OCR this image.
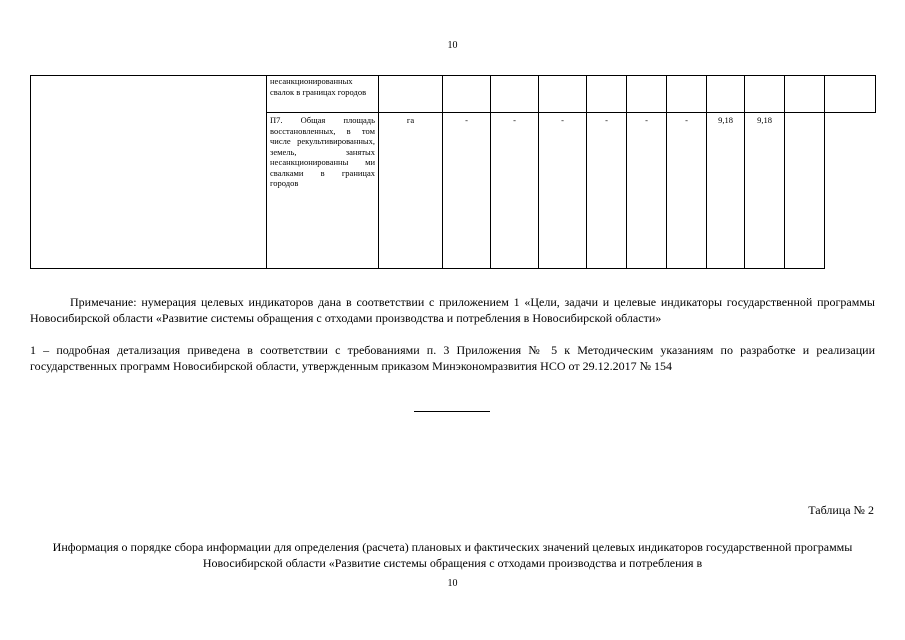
10
	несанкционированных свалок в границах городов											
	П7. Общая площадь восстановленных, в том числе рекультивированных, земель, занятых несанкционированны ми свалками в границах городов	га	-	-	-	-	-	-	9,18	9,18		
Примечание: нумерация целевых индикаторов дана в соответствии с приложением 1 «Цели, задачи и целевые индикаторы государственной программы Новосибирской области «Развитие системы обращения с отходами производства и потребления в Новосибирской области»
1 – подробная детализация приведена в соответствии с требованиями п. 3 Приложения № 5 к Методическим указаниям по разработке и реализации государственных программ Новосибирской области, утвержденным приказом Минэкономразвития НСО от 29.12.2017 № 154
Таблица № 2
Информация о порядке сбора информации для определения (расчета) плановых и фактических значений целевых индикаторов государственной программы Новосибирской области «Развитие системы обращения с отходами производства и потребления в
10
